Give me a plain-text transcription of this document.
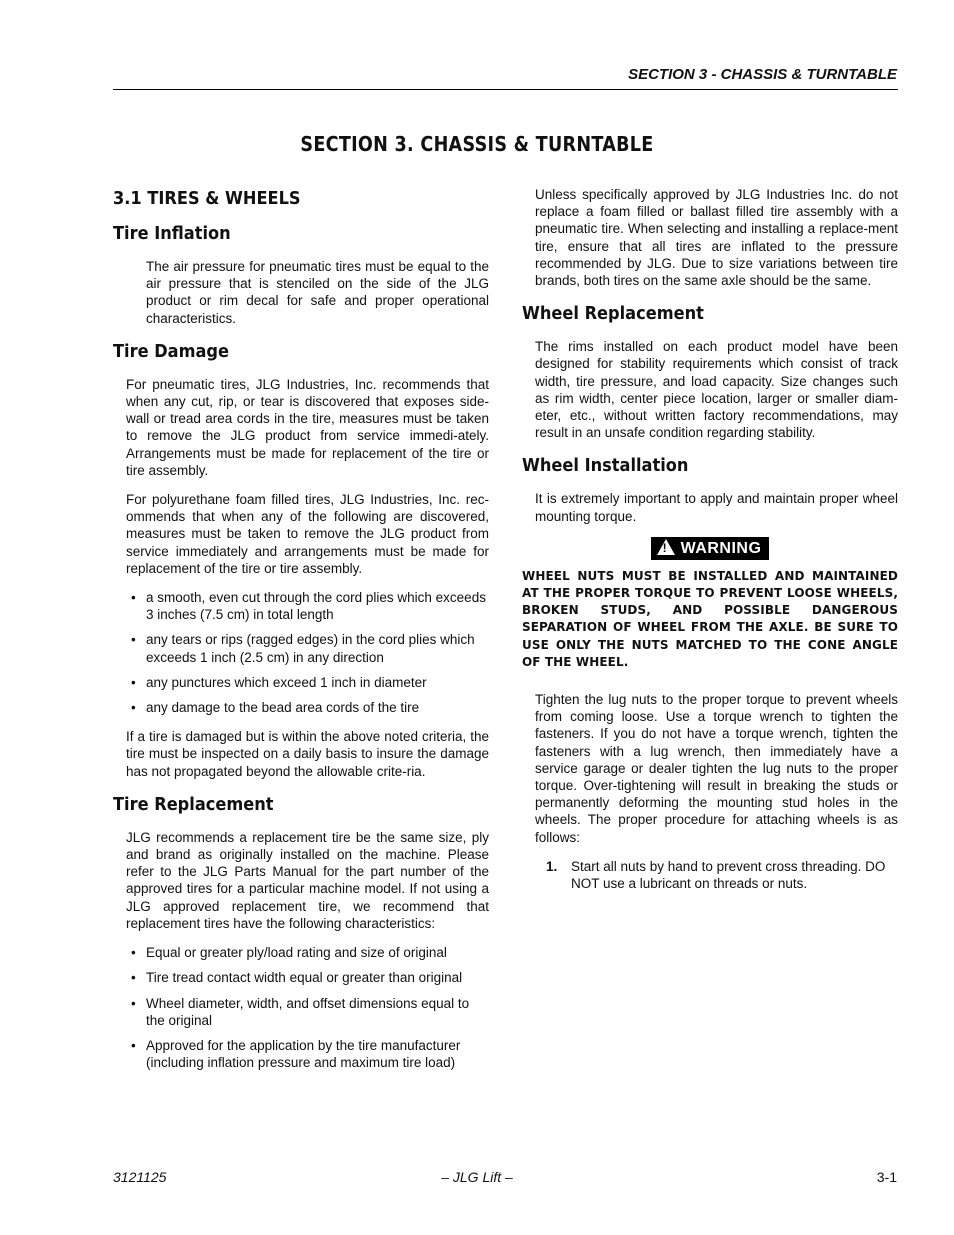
SECTION 3 - CHASSIS & TURNTABLE
SECTION 3. CHASSIS & TURNTABLE
3.1 TIRES & WHEELS
Tire Inflation

The air pressure for pneumatic tires must be equal to the air pressure that is stenciled on the side of the JLG product or rim decal for safe and proper operational characteristics.

Tire Damage

For pneumatic tires, JLG Industries, Inc. recommends that when any cut, rip, or tear is discovered that exposes side-wall or tread area cords in the tire, measures must be taken to remove the JLG product from service immedi-ately. Arrangements must be made for replacement of the tire or tire assembly.

For polyurethane foam filled tires, JLG Industries, Inc. rec-ommends that when any of the following are discovered, measures must be taken to remove the JLG product from service immediately and arrangements must be made for replacement of the tire or tire assembly.

• a smooth, even cut through the cord plies which exceeds 3 inches (7.5 cm) in total length
• any tears or rips (ragged edges) in the cord plies which exceeds 1 inch (2.5 cm) in any direction
• any punctures which exceed 1 inch in diameter
• any damage to the bead area cords of the tire

If a tire is damaged but is within the above noted criteria, the tire must be inspected on a daily basis to insure the damage has not propagated beyond the allowable crite-ria.

Tire Replacement

JLG recommends a replacement tire be the same size, ply and brand as originally installed on the machine. Please refer to the JLG Parts Manual for the part number of the approved tires for a particular machine model. If not using a JLG approved replacement tire, we recommend that replacement tires have the following characteristics:

• Equal or greater ply/load rating and size of original
• Tire tread contact width equal or greater than original
• Wheel diameter, width, and offset dimensions equal to the original
• Approved for the application by the tire manufacturer (including inflation pressure and maximum tire load)

Unless specifically approved by JLG Industries Inc. do not replace a foam filled or ballast filled tire assembly with a pneumatic tire. When selecting and installing a replace-ment tire, ensure that all tires are inflated to the pressure recommended by JLG. Due to size variations between tire brands, both tires on the same axle should be the same.

Wheel Replacement

The rims installed on each product model have been designed for stability requirements which consist of track width, tire pressure, and load capacity. Size changes such as rim width, center piece location, larger or smaller diam-eter, etc., without written factory recommendations, may result in an unsafe condition regarding stability.

Wheel Installation

It is extremely important to apply and maintain proper wheel mounting torque.

! WARNING
WHEEL NUTS MUST BE INSTALLED AND MAINTAINED AT THE PROPER TORQUE TO PREVENT LOOSE WHEELS, BROKEN STUDS, AND POSSIBLE DANGEROUS SEPARATION OF WHEEL FROM THE AXLE. BE SURE TO USE ONLY THE NUTS MATCHED TO THE CONE ANGLE OF THE WHEEL.

Tighten the lug nuts to the proper torque to prevent wheels from coming loose. Use a torque wrench to tighten the fasteners. If you do not have a torque wrench, tighten the fasteners with a lug wrench, then immediately have a service garage or dealer tighten the lug nuts to the proper torque. Over-tightening will result in breaking the studs or permanently deforming the mounting stud holes in the wheels. The proper procedure for attaching wheels is as follows:

1. Start all nuts by hand to prevent cross threading. DO NOT use a lubricant on threads or nuts.
3121125	– JLG Lift –	3-1
